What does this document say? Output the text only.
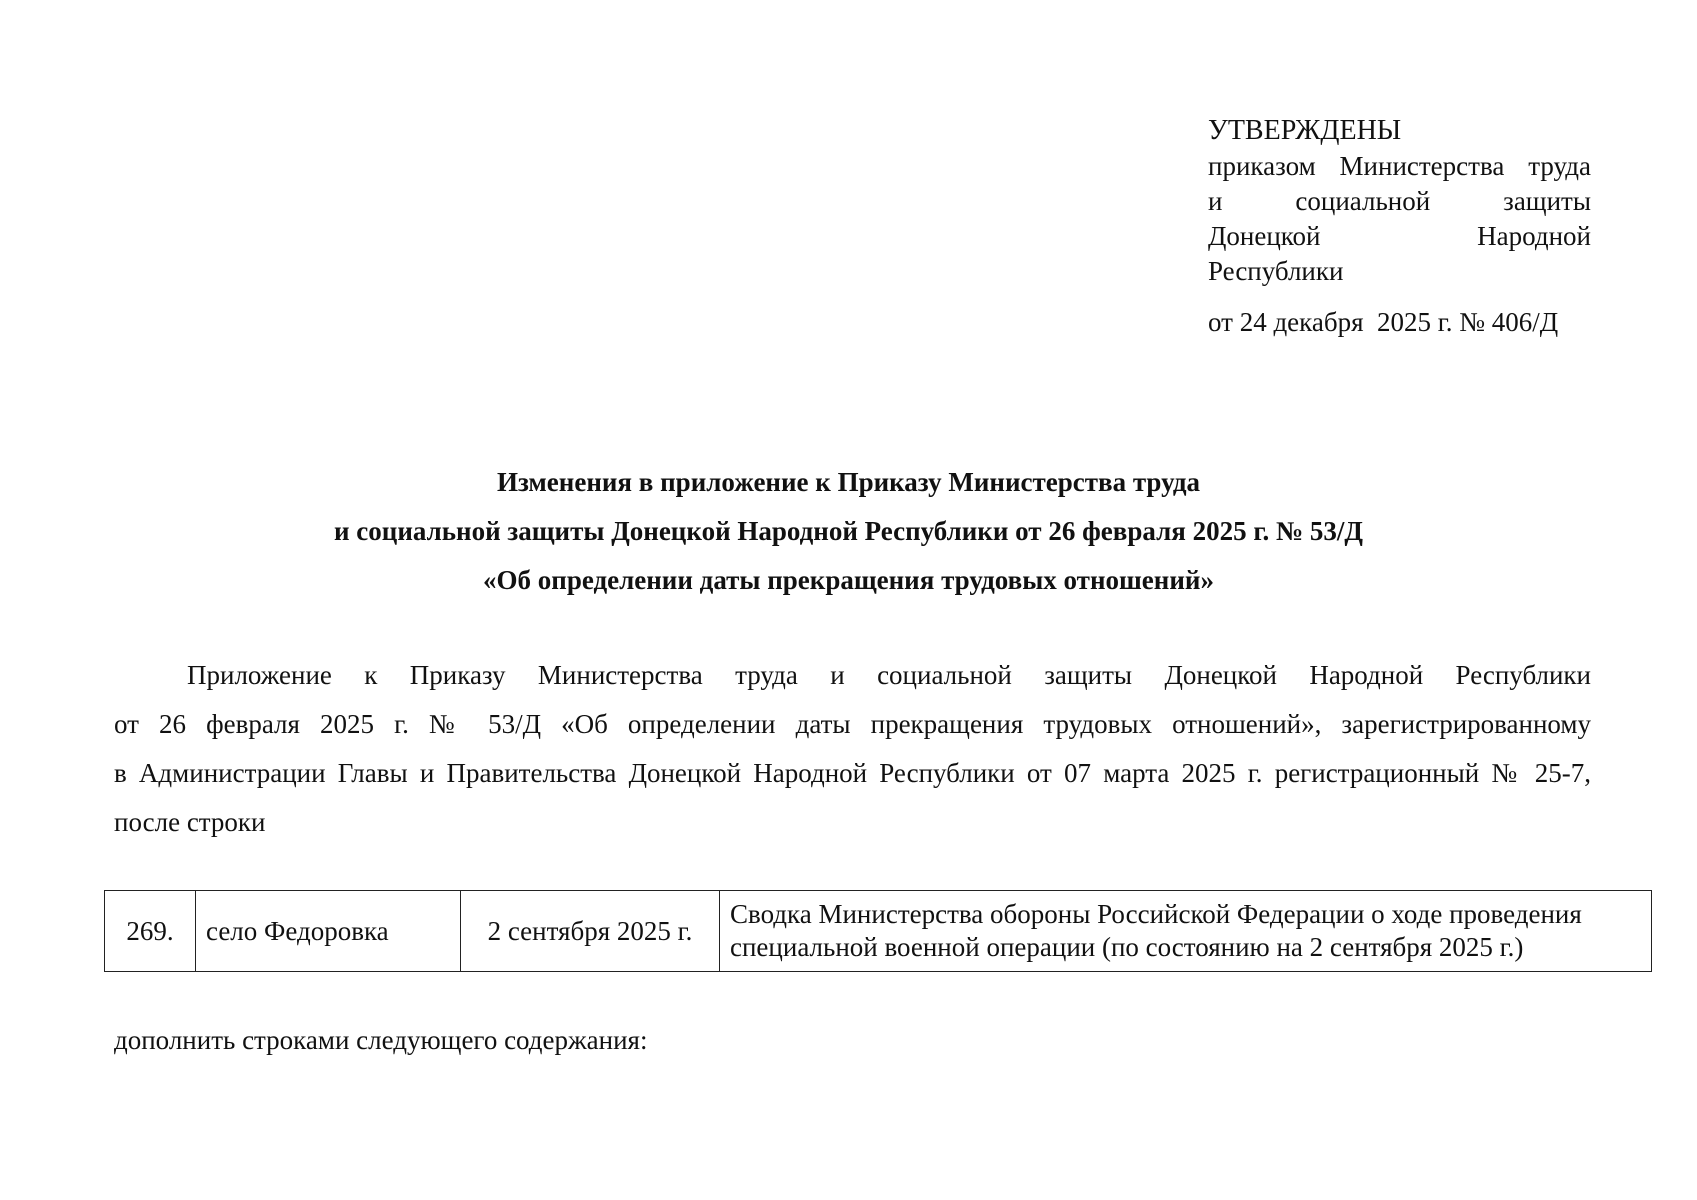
УТВЕРЖДЕНЫ
приказом Министерства труда
и социальной защиты
Донецкой Народной
Республики
от 24 декабря  2025 г. № 406/Д
Изменения в приложение к Приказу Министерства труда
и социальной защиты Донецкой Народной Республики от 26 февраля 2025 г. № 53/Д
«Об определении даты прекращения трудовых отношений»
Приложение к Приказу Министерства труда и социальной защиты Донецкой Народной Республики
от 26 февраля 2025 г. № 53/Д «Об определении даты прекращения трудовых отношений», зарегистрированному
в Администрации Главы и Правительства Донецкой Народной Республики от 07 марта 2025 г. регистрационный № 25-7,
после строки
269.	село Федоровка	2 сентября 2025 г.	Сводка Министерства обороны Российской Федерации о ходе проведения специальной военной операции (по состоянию на 2 сентября 2025 г.)
дополнить строками следующего содержания:
